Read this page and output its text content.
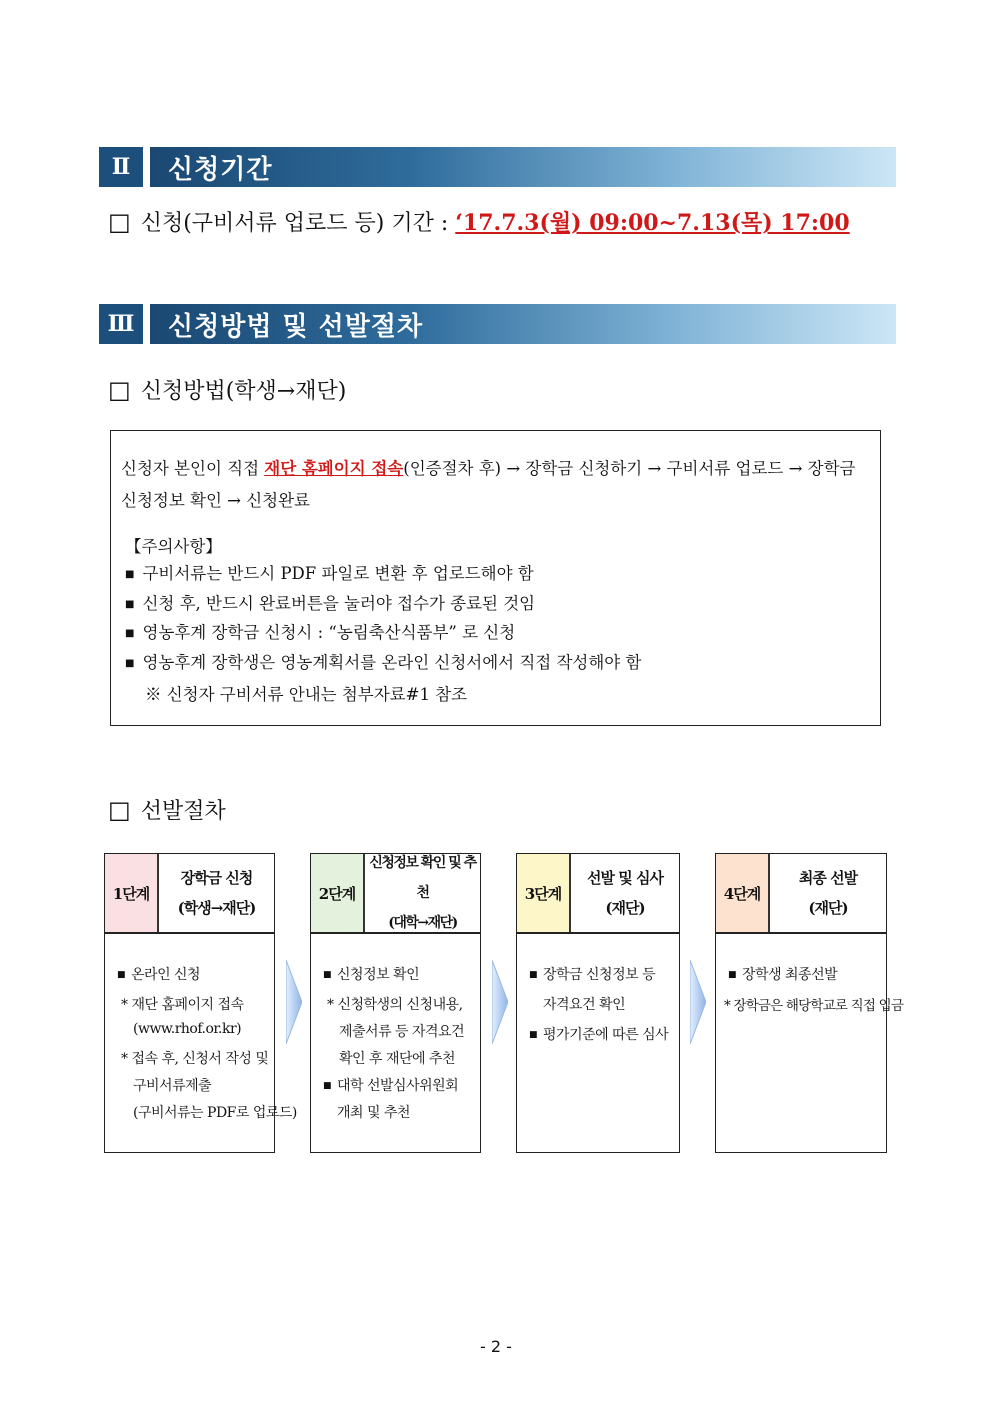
Ⅱ	신청기간
□ 신청(구비서류 업로드 등) 기간 : ‘17.7.3(월) 09:00~7.13(목) 17:00
Ⅲ	신청방법 및 선발절차
□ 신청방법(학생→재단)
신청자 본인이 직접 재단 홈페이지 접속(인증절차 후) → 장학금 신청하기 → 구비서류 업로드 → 장학금 신청정보 확인 → 신청완료
【주의사항】
■ 구비서류는 반드시 PDF 파일로 변환 후 업로드해야 함
■ 신청 후, 반드시 완료버튼을 눌러야 접수가 종료된 것임
■ 영농후계 장학금 신청시 : “농림축산식품부” 로 신청
■ 영농후계 장학생은 영농계획서를 온라인 신청서에서 직접 작성해야 함
※ 신청자 구비서류 안내는 첨부자료#1 참조
□ 선발절차
1단계
장학금 신청
(학생→재단)
■ 온라인 신청
* 재단 홈페이지 접속
(www.rhof.or.kr)
* 접속 후, 신청서 작성 및
구비서류제출
(구비서류는 PDF로 업로드)
2단계
신청정보 확인 및 추천
(대학→재단)
■ 신청정보 확인
* 신청학생의 신청내용,
제출서류 등 자격요건
확인 후 재단에 추천
■ 대학 선발심사위원회
개최 및 추천
3단계
선발 및 심사
(재단)
■ 장학금 신청정보 등
자격요건 확인
■ 평가기준에 따른 심사
4단계
최종 선발
(재단)
■ 장학생 최종선발
* 장학금은 해당학교로 직접 입금
- 2 -
